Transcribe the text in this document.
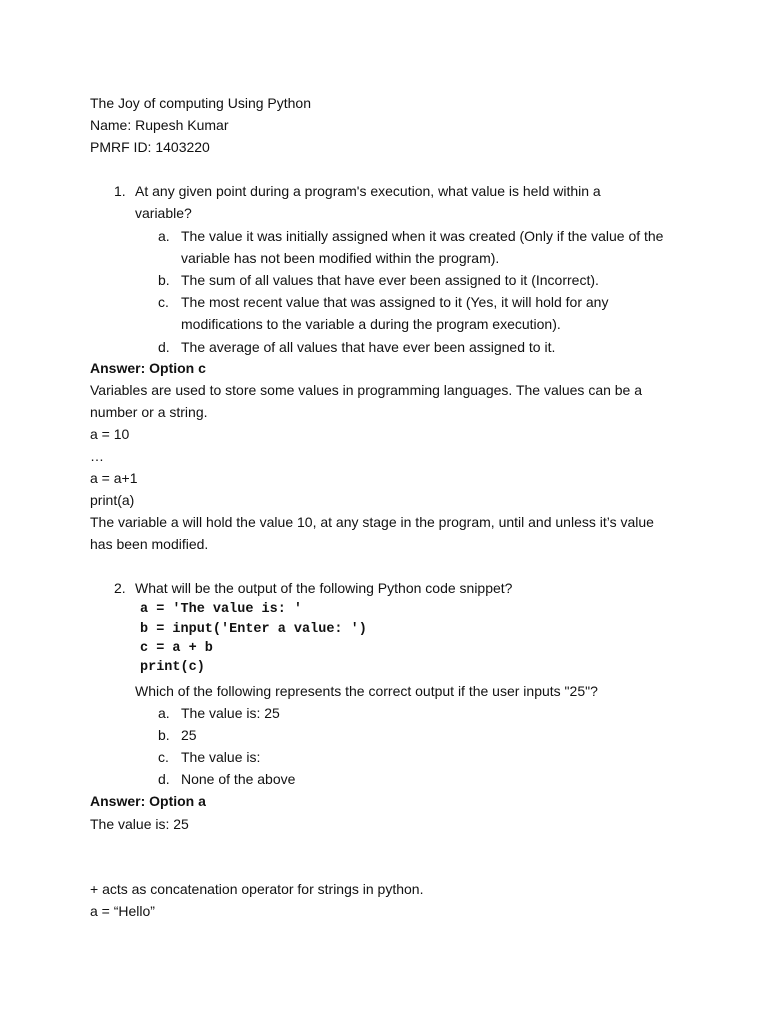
The Joy of computing Using Python
Name: Rupesh Kumar
PMRF ID: 1403220
1. At any given point during a program's execution, what value is held within a
variable?
a. The value it was initially assigned when it was created (Only if the value of the
variable has not been modified within the program).
b. The sum of all values that have ever been assigned to it (Incorrect).
c. The most recent value that was assigned to it (Yes, it will hold for any
modifications to the variable a during the program execution).
d. The average of all values that have ever been assigned to it.
Answer: Option c
Variables are used to store some values in programming languages. The values can be a
number or a string.
a = 10
…
a = a+1
print(a)
The variable a will hold the value 10, at any stage in the program, until and unless it’s value
has been modified.
2. What will be the output of the following Python code snippet?
a = 'The value is: '
b = input('Enter a value: ')
c = a + b
print(c)
Which of the following represents the correct output if the user inputs "25"?
a. The value is: 25
b. 25
c. The value is:
d. None of the above
Answer: Option a
The value is: 25
+ acts as concatenation operator for strings in python.
a = “Hello”
